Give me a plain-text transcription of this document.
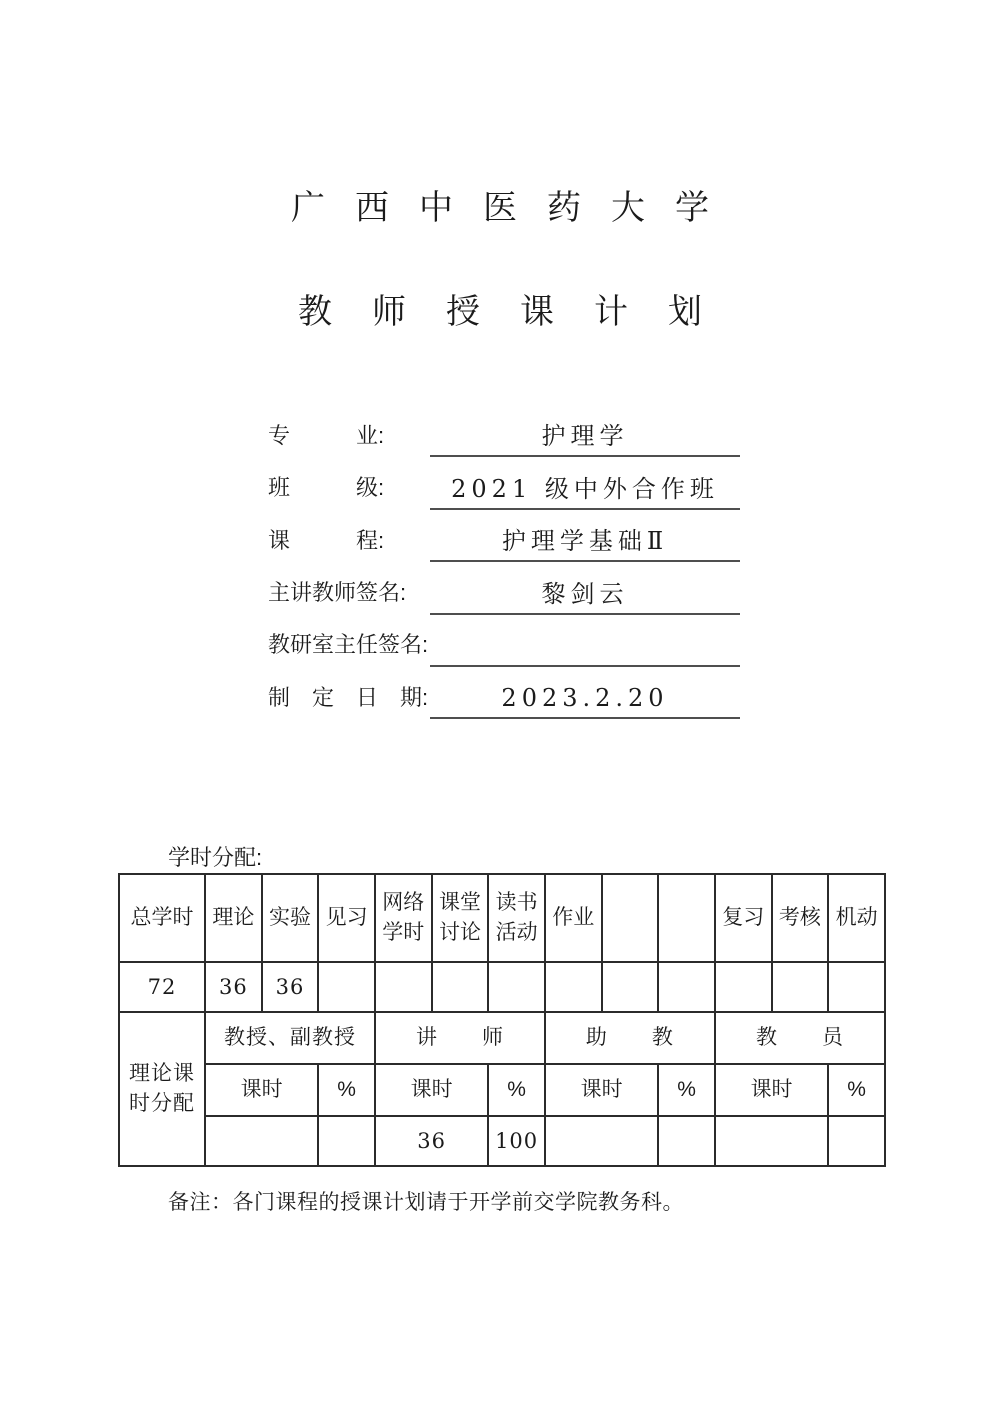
广西中医药大学
教师授课计划
专　　　业:	护理学
班　　　级:	2021 级中外合作班
课　　　程:	护理学基础Ⅱ
主讲教师签名:	黎剑云
教研室主任签名:
制　定　日　期:	2023.2.20
学时分配:
总学时	理论	实验	见习	网络学时	课堂讨论	读书活动	作业			复习	考核	机动
72	36	36										
理论课时分配	教授、副教授			讲　　师			助　　教			教　　员		
	课时		%	课时		%	课时		%	课时		%
				36		100						
备注：各门课程的授课计划请于开学前交学院教务科。
